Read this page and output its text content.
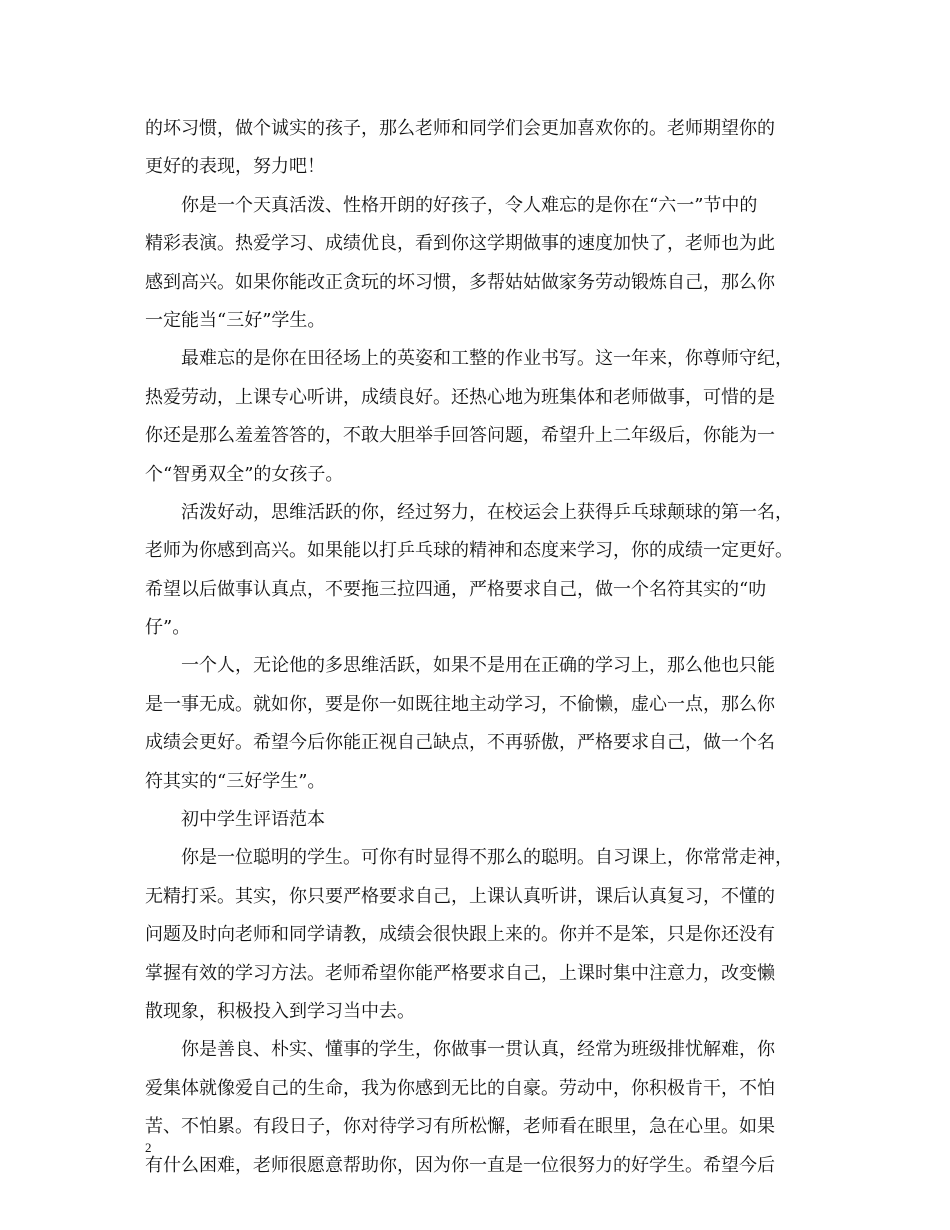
的坏习惯，做个诚实的孩子，那么老师和同学们会更加喜欢你的。老师期望你的
更好的表现，努力吧！
你是一个天真活泼、性格开朗的好孩子，令人难忘的是你在“六一”节中的
精彩表演。热爱学习、成绩优良，看到你这学期做事的速度加快了，老师也为此
感到高兴。如果你能改正贪玩的坏习惯，多帮姑姑做家务劳动锻炼自己，那么你
一定能当“三好”学生。
最难忘的是你在田径场上的英姿和工整的作业书写。这一年来，你尊师守纪，
热爱劳动，上课专心听讲，成绩良好。还热心地为班集体和老师做事，可惜的是
你还是那么羞羞答答的，不敢大胆举手回答问题，希望升上二年级后，你能为一
个“智勇双全”的女孩子。
活泼好动，思维活跃的你，经过努力，在校运会上获得乒乓球颠球的第一名，
老师为你感到高兴。如果能以打乒乓球的精神和态度来学习，你的成绩一定更好。
希望以后做事认真点，不要拖三拉四通，严格要求自己，做一个名符其实的“叻
仔”。
一个人，无论他的多思维活跃，如果不是用在正确的学习上，那么他也只能
是一事无成。就如你，要是你一如既往地主动学习，不偷懒，虚心一点，那么你
成绩会更好。希望今后你能正视自己缺点，不再骄傲，严格要求自己，做一个名
符其实的“三好学生”。
初中学生评语范本
你是一位聪明的学生。可你有时显得不那么的聪明。自习课上，你常常走神，
无精打采。其实，你只要严格要求自己，上课认真听讲，课后认真复习，不懂的
问题及时向老师和同学请教，成绩会很快跟上来的。你并不是笨，只是你还没有
掌握有效的学习方法。老师希望你能严格要求自己，上课时集中注意力，改变懒
散现象，积极投入到学习当中去。
你是善良、朴实、懂事的学生，你做事一贯认真，经常为班级排忧解难，你
爱集体就像爱自己的生命，我为你感到无比的自豪。劳动中，你积极肯干，不怕
苦、不怕累。有段日子，你对待学习有所松懈，老师看在眼里，急在心里。如果
有什么困难，老师很愿意帮助你，因为你一直是一位很努力的好学生。希望今后
2
